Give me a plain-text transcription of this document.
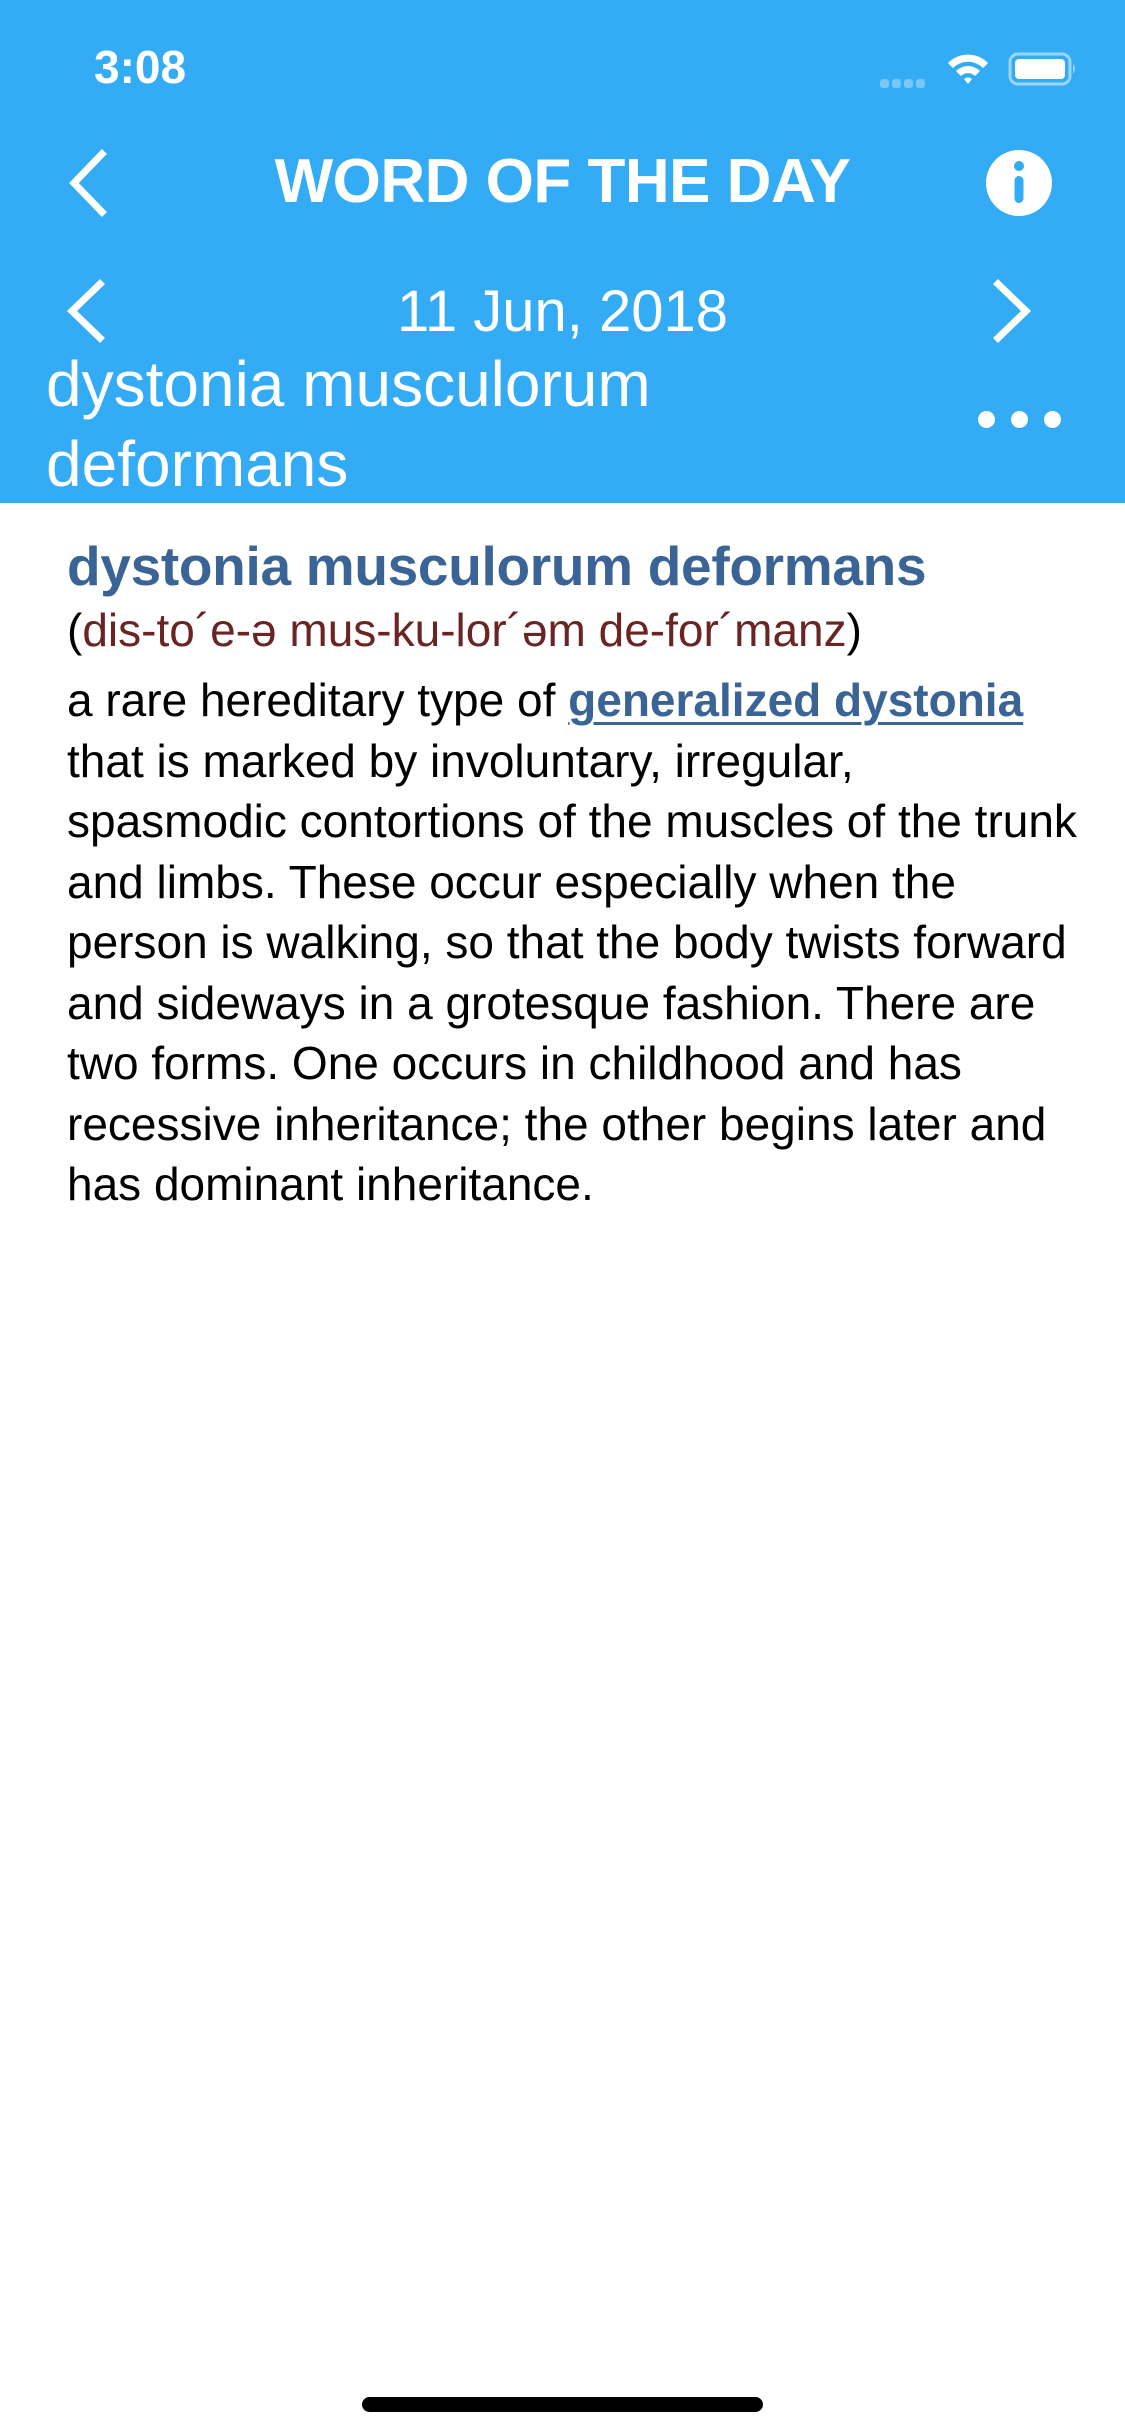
3:08
WORD OF THE DAY
11 Jun, 2018
dystonia musculorum deformans
dystonia musculorum deformans
(dis-to´e-ə mus-ku-lor´əm de-for´manz)
a rare hereditary type of generalized dystonia that is marked by involuntary, irregular, spasmodic contortions of the muscles of the trunk and limbs. These occur especially when the person is walking, so that the body twists forward and sideways in a grotesque fashion. There are two forms. One occurs in childhood and has recessive inheritance; the other begins later and has dominant inheritance.
